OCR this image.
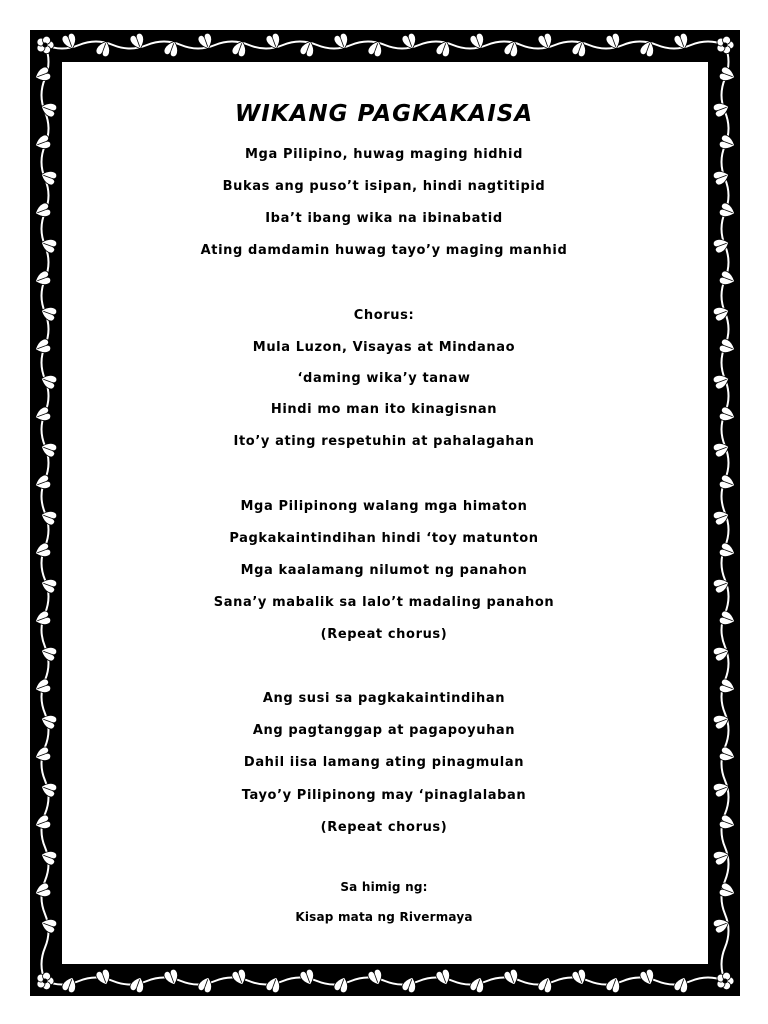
WIKANG PAGKAKAISA
Mga Pilipino, huwag maging hidhid
Bukas ang puso’t isipan, hindi nagtitipid
Iba’t ibang wika na ibinabatid
Ating damdamin huwag tayo’y maging manhid
Chorus:
Mula Luzon, Visayas at Mindanao
‘daming wika’y tanaw
Hindi mo man ito kinagisnan
Ito’y ating respetuhin at pahalagahan
Mga Pilipinong walang mga himaton
Pagkakaintindihan hindi ‘toy matunton
Mga kaalamang nilumot ng panahon
Sana’y mabalik sa lalo’t madaling panahon
(Repeat chorus)
Ang susi sa pagkakaintindihan
Ang pagtanggap at pagapoyuhan
Dahil iisa lamang ating pinagmulan
Tayo’y Pilipinong may ‘pinaglalaban
(Repeat chorus)
Sa himig ng:
Kisap mata ng Rivermaya
